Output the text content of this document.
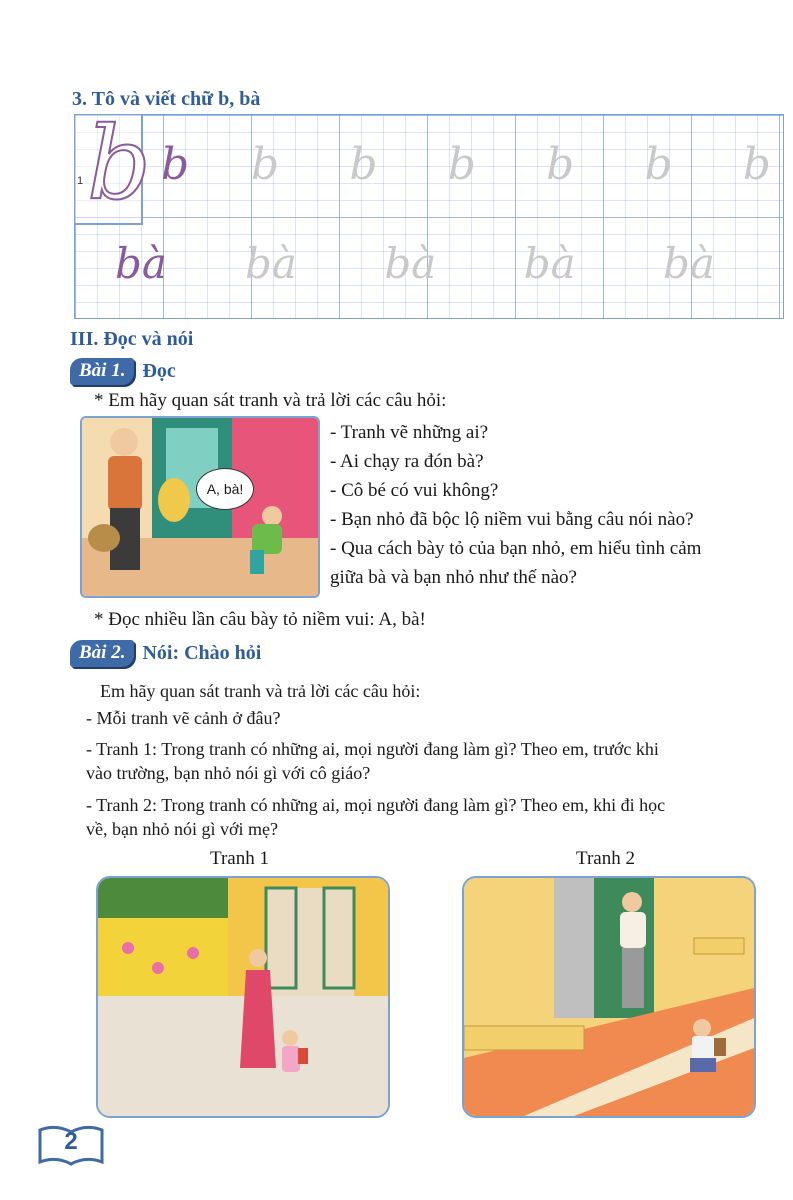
3. Tô và viết chữ b, bà
1 b b b b b b b b
bà bà bà bà bà
III. Đọc và nói
Bài 1. Đọc
* Em hãy quan sát tranh và trả lời các câu hỏi:
A, bà!
- Tranh vẽ những ai?
- Ai chạy ra đón bà?
- Cô bé có vui không?
- Bạn nhỏ đã bộc lộ niềm vui bằng câu nói nào?
- Qua cách bày tỏ của bạn nhỏ, em hiểu tình cảm
giữa bà và bạn nhỏ như thế nào?
* Đọc nhiều lần câu bày tỏ niềm vui: A, bà!
Bài 2. Nói: Chào hỏi
Em hãy quan sát tranh và trả lời các câu hỏi:
- Mỗi tranh vẽ cảnh ở đâu?
- Tranh 1: Trong tranh có những ai, mọi người đang làm gì? Theo em, trước khi
vào trường, bạn nhỏ nói gì với cô giáo?
- Tranh 2: Trong tranh có những ai, mọi người đang làm gì? Theo em, khi đi học
về, bạn nhỏ nói gì với mẹ?
Tranh 1	Tranh 2
2
